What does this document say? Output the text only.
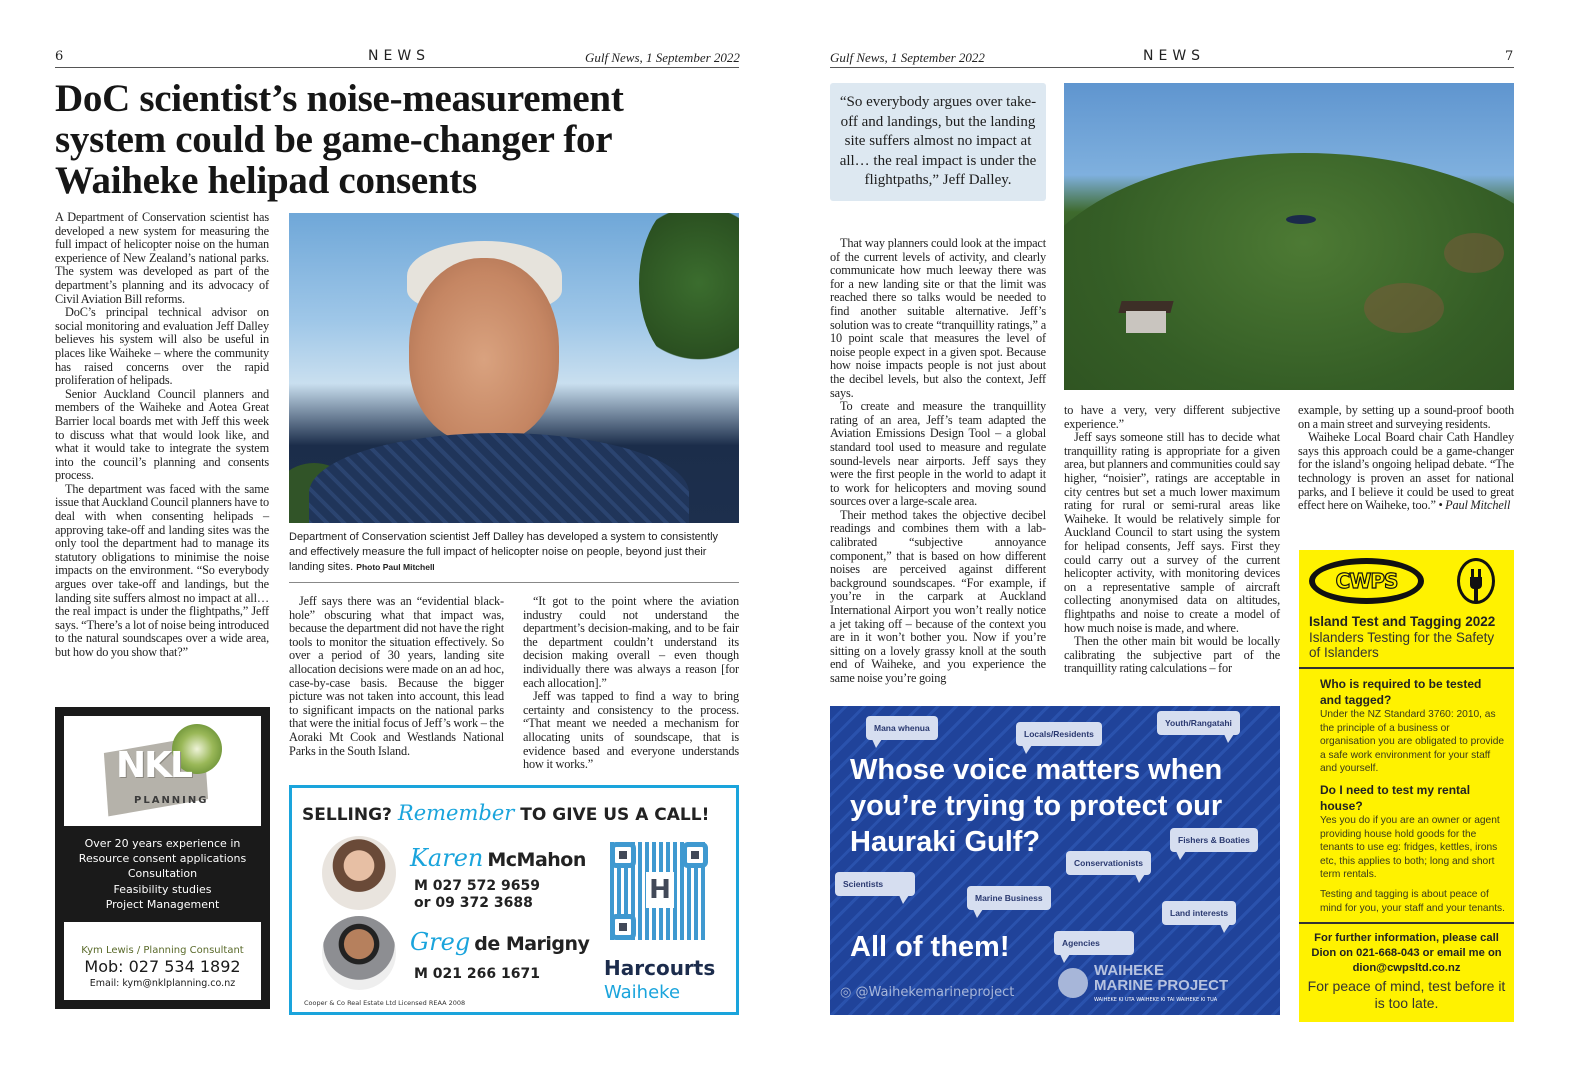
6	NEWS	Gulf News, 1 September 2022
DoC scientist’s noise-measurement
system could be game-changer for
Waiheke helipad consents

A Department of Conservation scientist has developed a new system for measuring the full impact of helicopter noise on the human experience of New Zealand’s national parks. The system was developed as part of the department’s planning and its advocacy of Civil Aviation Bill reforms.

DoC’s principal technical advisor on social monitoring and evaluation Jeff Dalley believes his system will also be useful in places like Waiheke – where the community has raised concerns over the rapid proliferation of helipads.

Senior Auckland Council planners and members of the Waiheke and Aotea Great Barrier local boards met with Jeff this week to discuss what that would look like, and what it would take to integrate the system into the council’s planning and consents process.

The department was faced with the same issue that Auckland Council planners have to deal with when consenting helipads – approving take-off and landing sites was the only tool the department had to manage its statutory obligations to minimise the noise impacts on the environment. “So everybody argues over take-off and landings, but the landing site suffers almost no impact at all… the real impact is under the flightpaths,” Jeff says. “There’s a lot of noise being introduced to the natural soundscapes over a wide area, but how do you show that?”

Department of Conservation scientist Jeff Dalley has developed a system to consistently and effectively measure the full impact of helicopter noise on people, beyond just their landing sites. Photo Paul Mitchell

Jeff says there was an “evidential black-hole” obscuring what that impact was, because the department did not have the right tools to monitor the situation effectively. So over a period of 30 years, landing site allocation decisions were made on an ad hoc, case-by-case basis. Because the bigger picture was not taken into account, this lead to significant impacts on the national parks that were the initial focus of Jeff’s work – the Aoraki Mt Cook and Westlands National Parks in the South Island.

“It got to the point where the aviation industry could not understand the department’s decision-making, and to be fair the department couldn’t understand its decision making overall – even though individually there was always a reason [for each allocation].”

Jeff was tapped to find a way to bring certainty and consistency to the process. “That meant we needed a mechanism for allocating units of soundscape, that is evidence based and everyone understands how it works.”

NKL
PLANNING
Over 20 years experience in
Resource consent applications
Consultation
Feasibility studies
Project Management
Kym Lewis / Planning Consultant
Mob: 027 534 1892
Email: kym@nklplanning.co.nz
SELLING? Remember TO GIVE US A CALL!
Karen McMahon
M 027 572 9659
or 09 372 3688
Greg de Marigny
M 021 266 1671
H
Harcourts
Waiheke
Cooper & Co Real Estate Ltd Licensed REAA 2008
Gulf News, 1 September 2022	NEWS	7
“So everybody argues over take-off and landings, but the landing site suffers almost no impact at all… the real impact is under the flightpaths,” Jeff Dalley.

That way planners could look at the impact of the current levels of activity, and clearly communicate how much leeway there was for a new landing site or that the limit was reached there so talks would be needed to find another suitable alternative. Jeff’s solution was to create “tranquillity ratings,” a 10 point scale that measures the level of noise people expect in a given spot. Because how noise impacts people is not just about the decibel levels, but also the context, Jeff says.

To create and measure the tranquillity rating of an area, Jeff’s team adapted the Aviation Emissions Design Tool – a global standard tool used to measure and regulate sound-levels near airports. Jeff says they were the first people in the world to adapt it to work for helicopters and moving sound sources over a large-scale area.

Their method takes the objective decibel readings and combines them with a lab-calibrated “subjective annoyance component,” that is based on how different noises are perceived against different background soundscapes. “For example, if you’re in the carpark at Auckland International Airport you won’t really notice a jet taking off – because of the context you are in it won’t bother you. Now if you’re sitting on a lovely grassy knoll at the south end of Waiheke, and you experience the same noise you’re going

to have a very, very different subjective experience.”

Jeff says someone still has to decide what tranquillity rating is appropriate for a given area, but planners and communities could say higher, “noisier”, ratings are acceptable in city centres but set a much lower maximum rating for rural or semi-rural areas like Waiheke. It would be relatively simple for Auckland Council to start using the system for helipad consents, Jeff says. First they could carry out a survey of the current helicopter activity, with monitoring devices on a representative sample of aircraft collecting anonymised data on altitudes, flightpaths and noise to create a model of how much noise is made, and where.

Then the other main bit would be locally calibrating the subjective part of the tranquillity rating calculations – for

example, by setting up a sound-proof booth on a main street and surveying residents.

Waiheke Local Board chair Cath Handley says this approach could be a game-changer for the island’s ongoing helipad debate. “The technology is proven an asset for national parks, and I believe it could be used to great effect here on Waiheke, too.” • Paul Mitchell

Mana whenua
Locals/Residents
Youth/Rangatahi
Fishers & Boaties
Conservationists
Scientists
Marine Business
Land interests
Agencies
Whose voice matters when
you’re trying to protect our
Hauraki Gulf?
All of them!
◎ @Waihekemarineproject
WAIHEKE
MARINE PROJECT
WAIHEKE KI UTA WAIHEKE KI TAI WAIHEKE KI TUA
CWPS
Island Test and Tagging 2022
Islanders Testing for the Safety of Islanders
Who is required to be tested and tagged?
Under the NZ Standard 3760: 2010, as the principle of a business or organisation you are obligated to provide a safe work environment for your staff and yourself.
Do I need to test my rental house?
Yes you do if you are an owner or agent providing house hold goods for the tenants to use eg: fridges, kettles, irons etc, this applies to both; long and short term rentals.
Testing and tagging is about peace of mind for you, your staff and your tenants.
For further information, please call Dion on 021-668-043 or email me on dion@cwpsltd.co.nz
For peace of mind, test before it is too late.
